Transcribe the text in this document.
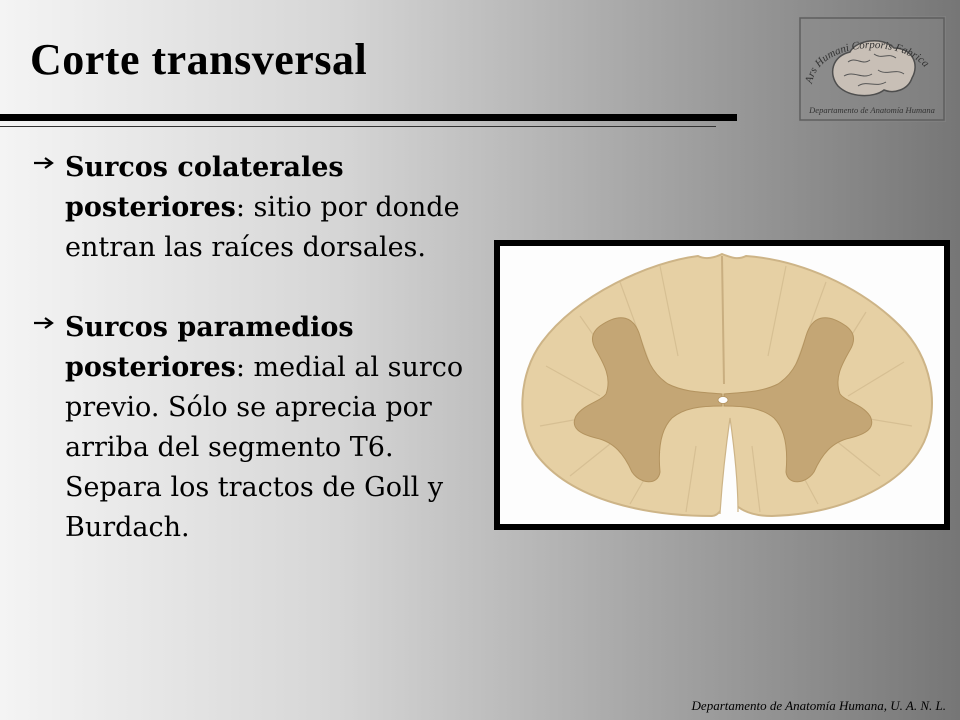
Corte transversal
Surcos colaterales posteriores: sitio por donde entran las raíces dorsales.
Surcos paramedios posteriores: medial al surco previo. Sólo se aprecia por arriba del segmento T6. Separa los tractos de Goll y Burdach.
Ars Humani Corporis Fabrica
Departamento de Anatomía Humana
Departamento de Anatomía Humana, U. A. N. L.
